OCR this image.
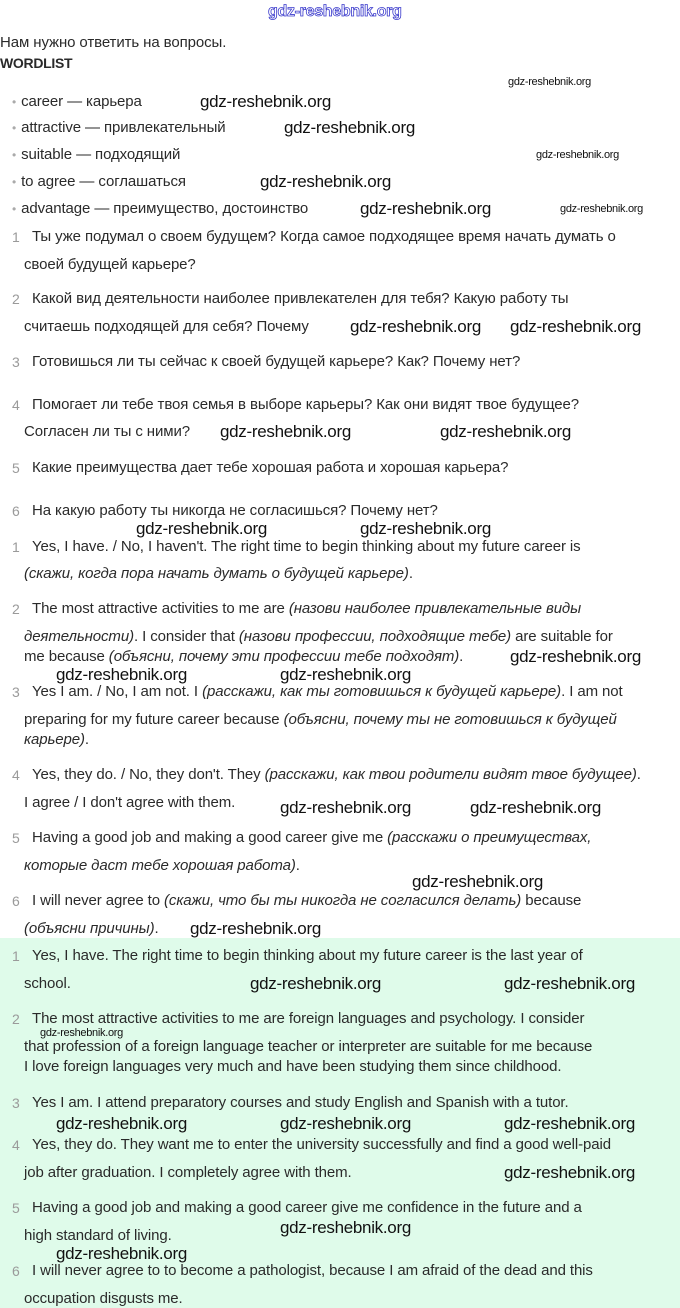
Нам нужно ответить на вопросы.
WORDLIST
• career — карьера
• attractive — привлекательный
• suitable — подходящий
• to agree — соглашаться
• advantage — преимущество, достоинство
1 Ты уже подумал о своем будущем? Когда самое подходящее время начать думать о
своей будущей карьере?
2 Какой вид деятельности наиболее привлекателен для тебя? Какую работу ты
считаешь подходящей для себя? Почему
3 Готовишься ли ты сейчас к своей будущей карьере? Как? Почему нет?
4 Помогает ли тебе твоя семья в выборе карьеры? Как они видят твое будущее?
Согласен ли ты с ними?
5 Какие преимущества дает тебе хорошая работа и хорошая карьера?
6 На какую работу ты никогда не согласишься? Почему нет?
1 Yes, I have. / No, I haven't. The right time to begin thinking about my future career is
(скажи, когда пора начать думать о будущей карьере).
2 The most attractive activities to me are (назови наиболее привлекательные виды
деятельности). I consider that (назови профессии, подходящие тебе) are suitable for
me because (объясни, почему эти профессии тебе подходят).
3 Yes I am. / No, I am not. I (расскажи, как ты готовишься к будущей карьере). I am not
preparing for my future career because (объясни, почему ты не готовишься к будущей
карьере).
4 Yes, they do. / No, they don't. They (расскажи, как твои родители видят твое будущее).
I agree / I don't agree with them.
5 Having a good job and making a good career give me (расскажи о преимуществах,
которые даст тебе хорошая работа).
6 I will never agree to (скажи, что бы ты никогда не согласился делать) because
(объясни причины).
1 Yes, I have. The right time to begin thinking about my future career is the last year of
school.
2 The most attractive activities to me are foreign languages and psychology. I consider
that profession of a foreign language teacher or interpreter are suitable for me because
I love foreign languages very much and have been studying them since childhood.
3 Yes I am. I attend preparatory courses and study English and Spanish with a tutor.
4 Yes, they do. They want me to enter the university successfully and find a good well-paid
job after graduation. I completely agree with them.
5 Having a good job and making a good career give me confidence in the future and a
high standard of living.
6 I will never agree to to become a pathologist, because I am afraid of the dead and this
occupation disgusts me.
gdz-reshebnik.org
gdz-reshebnik.org
gdz-reshebnik.org
gdz-reshebnik.org
gdz-reshebnik.org
gdz-reshebnik.org
gdz-reshebnik.org	gdz-reshebnik.org
gdz-reshebnik.org gdz-reshebnik.org
gdz-reshebnik.org	gdz-reshebnik.org
gdz-reshebnik.org	gdz-reshebnik.org
gdz-reshebnik.org
gdz-reshebnik.org	gdz-reshebnik.org
gdz-reshebnik.org
gdz-reshebnik.org
gdz-reshebnik.org
gdz-reshebnik.org
gdz-reshebnik.org
gdz-reshebnik.org
gdz-reshebnik.org
gdz-reshebnik.org
gdz-reshebnik.org	gdz-reshebnik.org
gdz-reshebnik.org
gdz-reshebnik.org
gdz-reshebnik.org
